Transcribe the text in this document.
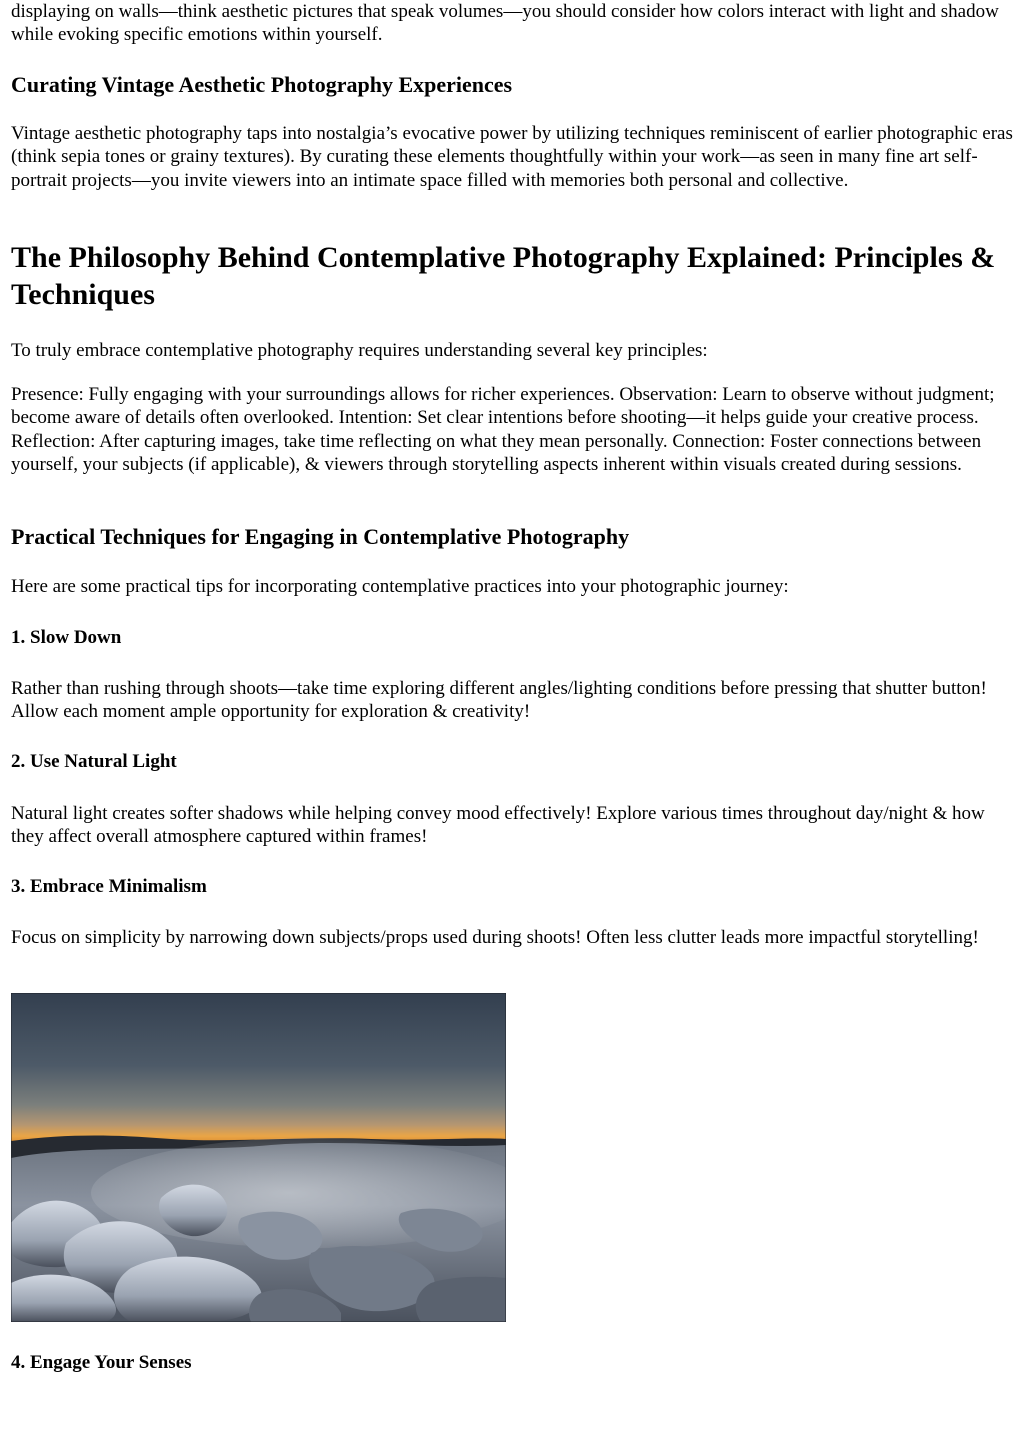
displaying on walls—think aesthetic pictures that speak volumes—you should consider how colors interact with light and shadow while evoking specific emotions within yourself.

Curating Vintage Aesthetic Photography Experiences

Vintage aesthetic photography taps into nostalgia’s evocative power by utilizing techniques reminiscent of earlier photographic eras (think sepia tones or grainy textures). By curating these elements thoughtfully within your work—as seen in many fine art self-portrait projects—you invite viewers into an intimate space filled with memories both personal and collective.

The Philosophy Behind Contemplative Photography Explained: Principles & Techniques

To truly embrace contemplative photography requires understanding several key principles:

Presence: Fully engaging with your surroundings allows for richer experiences. Observation: Learn to observe without judgment; become aware of details often overlooked. Intention: Set clear intentions before shooting—it helps guide your creative process. Reflection: After capturing images, take time reflecting on what they mean personally. Connection: Foster connections between yourself, your subjects (if applicable), & viewers through storytelling aspects inherent within visuals created during sessions.

Practical Techniques for Engaging in Contemplative Photography

Here are some practical tips for incorporating contemplative practices into your photographic journey:

1. Slow Down

Rather than rushing through shoots—take time exploring different angles/lighting conditions before pressing that shutter button! Allow each moment ample opportunity for exploration & creativity!

2. Use Natural Light

Natural light creates softer shadows while helping convey mood effectively! Explore various times throughout day/night & how they affect overall atmosphere captured within frames!

3. Embrace Minimalism

Focus on simplicity by narrowing down subjects/props used during shoots! Often less clutter leads more impactful storytelling!

4. Engage Your Senses
